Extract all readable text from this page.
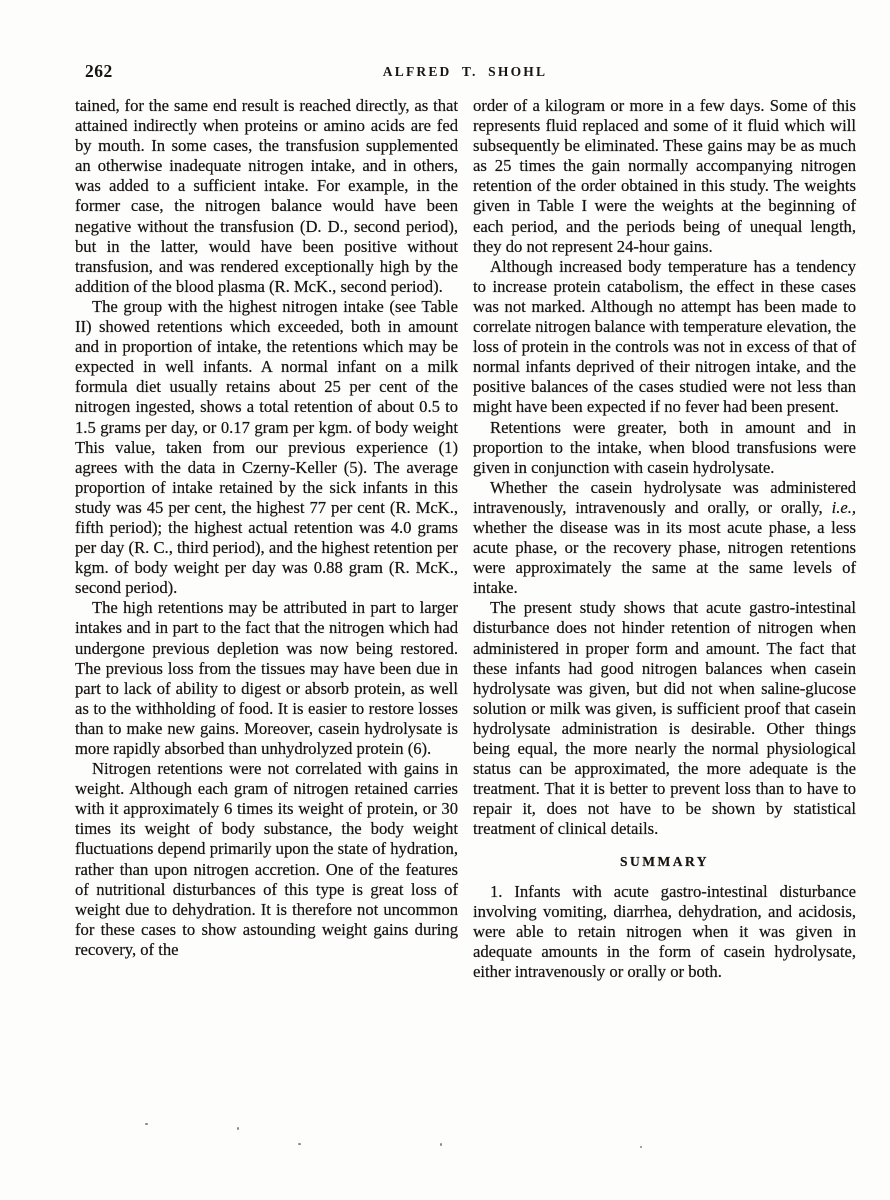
262	ALFRED T. SHOHL

tained, for the same end result is reached directly, as that attained indirectly when proteins or amino acids are fed by mouth. In some cases, the transfusion supplemented an otherwise inadequate nitrogen intake, and in others, was added to a sufficient intake. For example, in the former case, the nitrogen balance would have been negative without the transfusion (D. D., second period), but in the latter, would have been positive without transfusion, and was rendered exceptionally high by the addition of the blood plasma (R. McK., second period).

The group with the highest nitrogen intake (see Table II) showed retentions which exceeded, both in amount and in proportion of intake, the retentions which may be expected in well infants. A normal infant on a milk formula diet usually retains about 25 per cent of the nitrogen ingested, shows a total retention of about 0.5 to 1.5 grams per day, or 0.17 gram per kgm. of body weight This value, taken from our previous experience (1) agrees with the data in Czerny-Keller (5). The average proportion of intake retained by the sick infants in this study was 45 per cent, the highest 77 per cent (R. McK., fifth period); the highest actual retention was 4.0 grams per day (R. C., third period), and the highest retention per kgm. of body weight per day was 0.88 gram (R. McK., second period).

The high retentions may be attributed in part to larger intakes and in part to the fact that the nitrogen which had undergone previous depletion was now being restored. The previous loss from the tissues may have been due in part to lack of ability to digest or absorb protein, as well as to the withholding of food. It is easier to restore losses than to make new gains. Moreover, casein hydrolysate is more rapidly absorbed than unhydrolyzed protein (6).

Nitrogen retentions were not correlated with gains in weight. Although each gram of nitrogen retained carries with it approximately 6 times its weight of protein, or 30 times its weight of body substance, the body weight fluctuations depend primarily upon the state of hydration, rather than upon nitrogen accretion. One of the features of nutritional disturbances of this type is great loss of weight due to dehydration. It is therefore not uncommon for these cases to show astounding weight gains during recovery, of the

order of a kilogram or more in a few days. Some of this represents fluid replaced and some of it fluid which will subsequently be eliminated. These gains may be as much as 25 times the gain normally accompanying nitrogen retention of the order obtained in this study. The weights given in Table I were the weights at the beginning of each period, and the periods being of unequal length, they do not represent 24-hour gains.

Although increased body temperature has a tendency to increase protein catabolism, the effect in these cases was not marked. Although no attempt has been made to correlate nitrogen balance with temperature elevation, the loss of protein in the controls was not in excess of that of normal infants deprived of their nitrogen intake, and the positive balances of the cases studied were not less than might have been expected if no fever had been present.

Retentions were greater, both in amount and in proportion to the intake, when blood transfusions were given in conjunction with casein hydrolysate.

Whether the casein hydrolysate was administered intravenously, intravenously and orally, or orally, i.e., whether the disease was in its most acute phase, a less acute phase, or the recovery phase, nitrogen retentions were approximately the same at the same levels of intake.

The present study shows that acute gastro-intestinal disturbance does not hinder retention of nitrogen when administered in proper form and amount. The fact that these infants had good nitrogen balances when casein hydrolysate was given, but did not when saline-glucose solution or milk was given, is sufficient proof that casein hydrolysate administration is desirable. Other things being equal, the more nearly the normal physiological status can be approximated, the more adequate is the treatment. That it is better to prevent loss than to have to repair it, does not have to be shown by statistical treatment of clinical details.

SUMMARY

1. Infants with acute gastro-intestinal disturbance involving vomiting, diarrhea, dehydration, and acidosis, were able to retain nitrogen when it was given in adequate amounts in the form of casein hydrolysate, either intravenously or orally or both.
